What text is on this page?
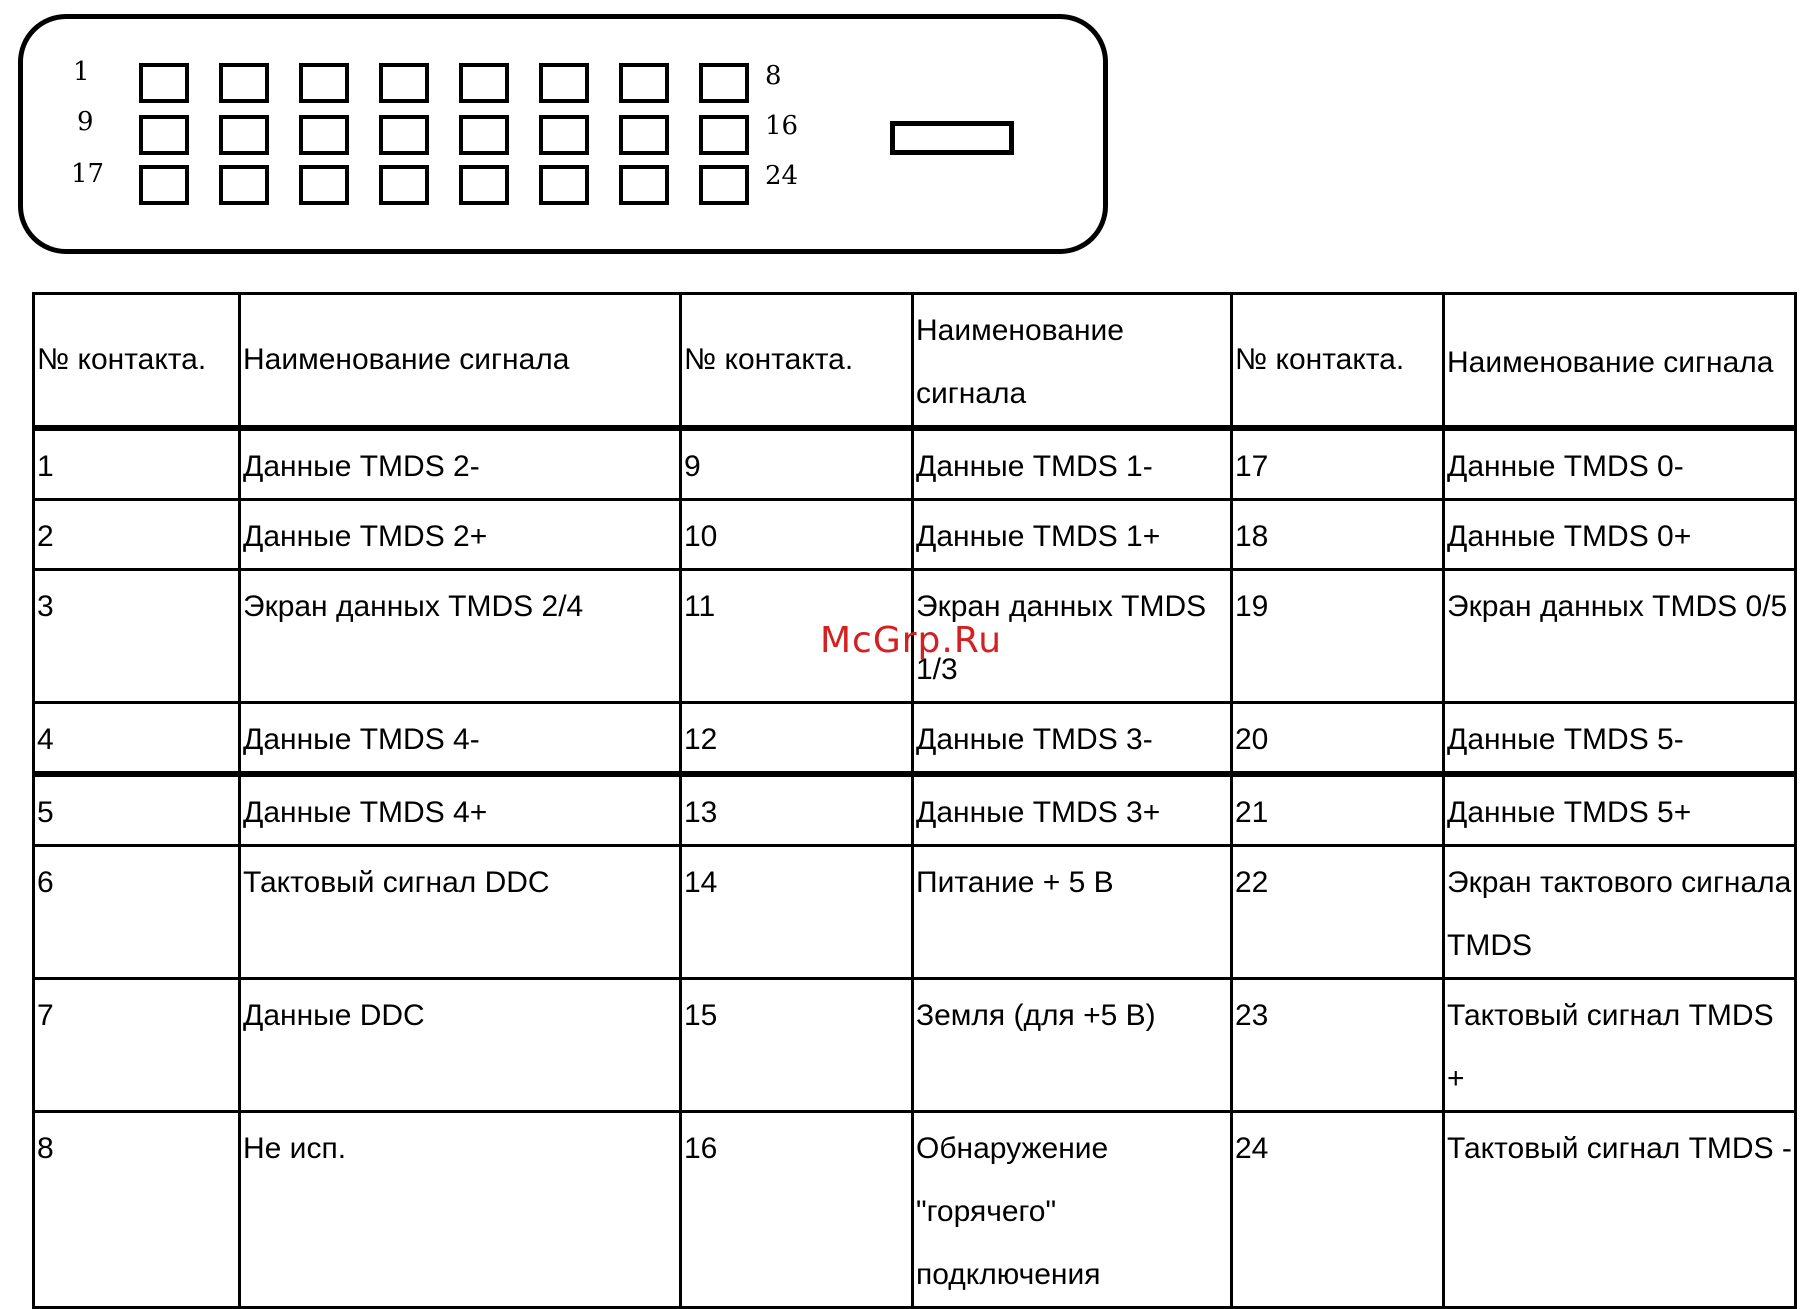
1	8
9	16
17	24
№ контакта.	Наименование сигнала	№ контакта.	Наименование сигнала	№ контакта.	Наименование сигнала
1	Данные TMDS 2-	9	Данные TMDS 1-	17	Данные TMDS 0-
2	Данные TMDS 2+	10	Данные TMDS 1+	18	Данные TMDS 0+
3	Экран данных TMDS 2/4	11	Экран данных TMDS 1/3	19	Экран данных TMDS 0/5
4	Данные TMDS 4-	12	Данные TMDS 3-	20	Данные TMDS 5-
5	Данные TMDS 4+	13	Данные TMDS 3+	21	Данные TMDS 5+
6	Тактовый сигнал DDC	14	Питание + 5 В	22	Экран тактового сигнала TMDS
7	Данные DDC	15	Земля (для +5 В)	23	Тактовый сигнал TMDS +
8	Не исп.	16	Обнаружение "горячего" подключения	24	Тактовый сигнал TMDS -
McGrp.Ru
